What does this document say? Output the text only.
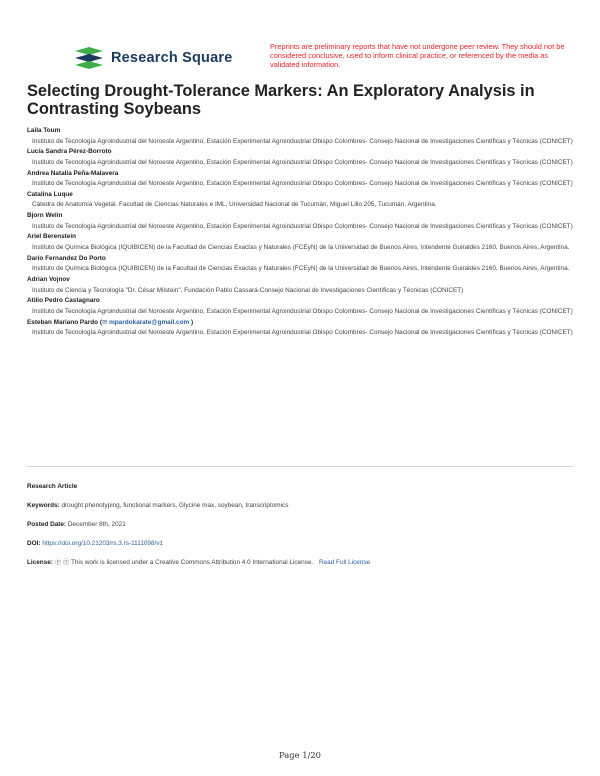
Research Square
Preprints are preliminary reports that have not undergone peer review. They should not be considered conclusive, used to inform clinical practice, or referenced by the media as validated information.
Selecting Drought-Tolerance Markers: An Exploratory Analysis in Contrasting Soybeans
Laila Toum
Instituto de Tecnología Agroindustrial del Noroeste Argentino, Estación Experimental Agroindustrial Obispo Colombres- Consejo Nacional de Investigaciones Científicas y Técnicas (CONICET)
Lucía Sandra Pérez-Borroto
Instituto de Tecnología Agroindustrial del Noroeste Argentino, Estación Experimental Agroindustrial Obispo Colombres- Consejo Nacional de Investigaciones Científicas y Técnicas (CONICET)
Andrea Natalia Peña-Malavera
Instituto de Tecnología Agroindustrial del Noroeste Argentino, Estación Experimental Agroindustrial Obispo Colombres- Consejo Nacional de Investigaciones Científicas y Técnicas (CONICET)
Catalina Luque
Cátedra de Anatomía Vegetal. Facultad de Ciencias Naturales e IML, Universidad Nacional de Tucumán, Miguel Lillo 205, Tucumán, Argentina.
Bjorn Welin
Instituto de Tecnología Agroindustrial del Noroeste Argentino, Estación Experimental Agroindustrial Obispo Colombres- Consejo Nacional de Investigaciones Científicas y Técnicas (CONICET)
Ariel Berenstein
Instituto de Química Biológica (IQUIBICEN) de la Facultad de Ciencias Exactas y Naturales (FCEyN) de la Universidad de Buenos Aires, Intendente Guiraldes 2160, Buenos Aires, Argentina.
Darío Fernandez Do Porto
Instituto de Química Biológica (IQUIBICEN) de la Facultad de Ciencias Exactas y Naturales (FCEyN) de la Universidad de Buenos Aires, Intendente Guiraldes 2160, Buenos Aires, Argentina.
Adrian Vojnov
Instituto de Ciencia y Tecnología "Dr. César Milstein", Fundación Pablo Cassará-Consejo Nacional de Investigaciones Científicas y Técnicas (CONICET)
Atilio Pedro Castagnaro
Instituto de Tecnología Agroindustrial del Noroeste Argentino, Estación Experimental Agroindustrial Obispo Colombres- Consejo Nacional de Investigaciones Científicas y Técnicas (CONICET)
Esteban Mariano Pardo (✉ mpardokarate@gmail.com )
Instituto de Tecnología Agroindustrial del Noroeste Argentino, Estación Experimental Agroindustrial Obispo Colombres- Consejo Nacional de Investigaciones Científicas y Técnicas (CONICET)
Research Article
Keywords: drought phenotyping, functional markers, Glycine max, soybean, transcriptomics
Posted Date: December 8th, 2021
DOI: https://doi.org/10.21203/rs.3.rs-1111098/v1
License: Ⓟ Ⓣ This work is licensed under a Creative Commons Attribution 4.0 International License. Read Full License
Page 1/20
